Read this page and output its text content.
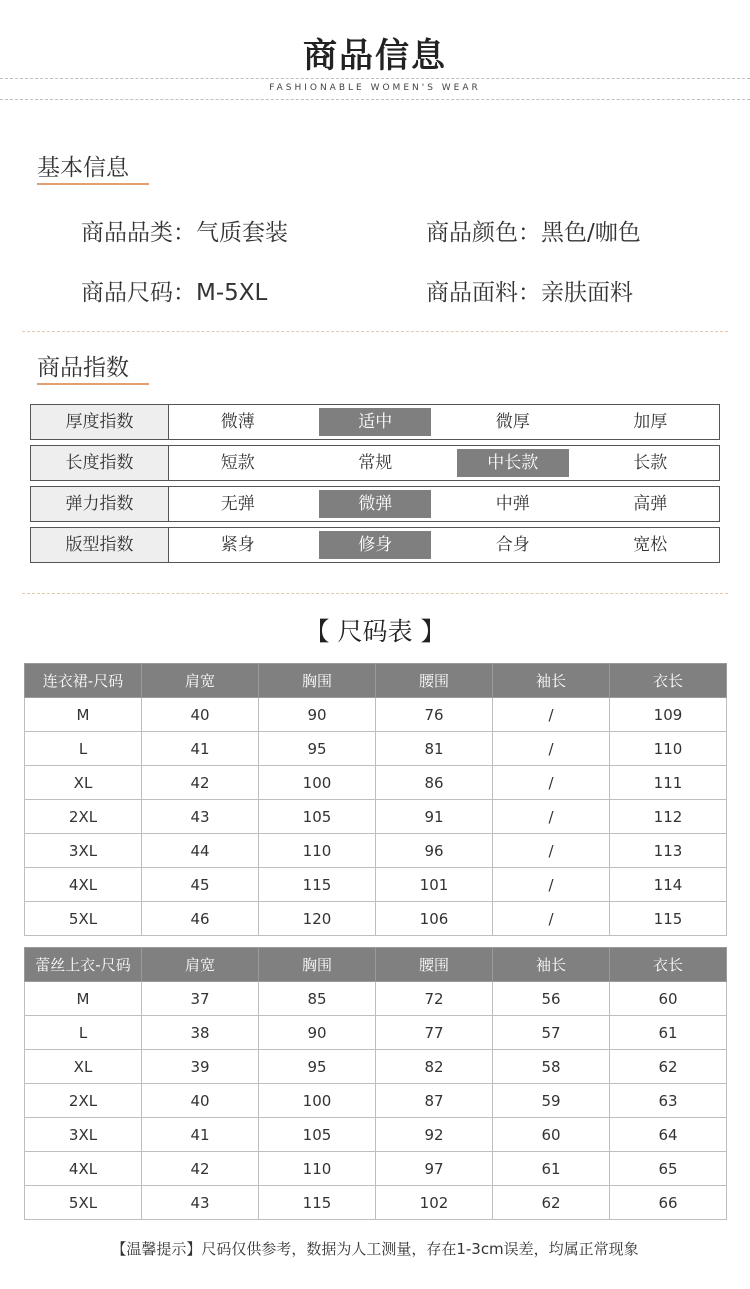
商品信息
FASHIONABLE WOMEN'S WEAR
基本信息
商品品类：气质套装	商品颜色：黑色/咖色
商品尺码：M-5XL	商品面料：亲肤面料
商品指数
厚度指数	微薄	适中	微厚	加厚
长度指数	短款	常规	中长款	长款
弹力指数	无弹	微弹	中弹	高弹
版型指数	紧身	修身	合身	宽松
【 尺码表 】
连衣裙-尺码	肩宽	胸围	腰围	袖长	衣长
M	40	90	76	/	109
L	41	95	81	/	110
XL	42	100	86	/	111
2XL	43	105	91	/	112
3XL	44	110	96	/	113
4XL	45	115	101	/	114
5XL	46	120	106	/	115
蕾丝上衣-尺码	肩宽	胸围	腰围	袖长	衣长
M	37	85	72	56	60
L	38	90	77	57	61
XL	39	95	82	58	62
2XL	40	100	87	59	63
3XL	41	105	92	60	64
4XL	42	110	97	61	65
5XL	43	115	102	62	66
【温馨提示】尺码仅供参考，数据为人工测量，存在1-3cm误差，均属正常现象
